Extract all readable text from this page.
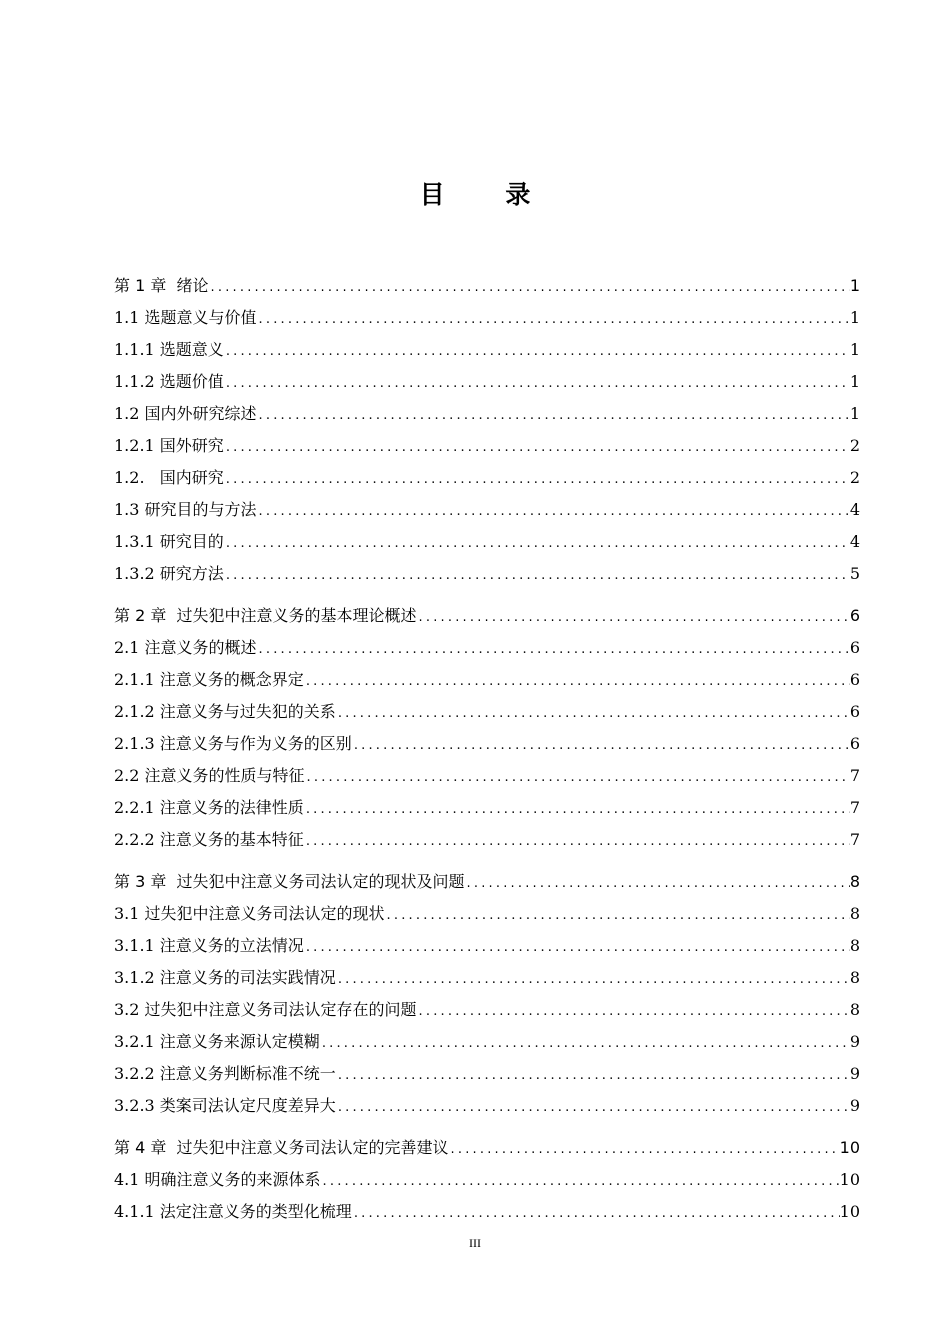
目 录
第 1 章  绪论 .....	1
1.1 选题意义与价值 .....	1
1.1.1 选题意义 .....	1
1.1.2 选题价值 .....	1
1.2 国内外研究综述 .....	1
1.2.1 国外研究 .....	2
1.2.   国内研究 .....	2
1.3 研究目的与方法 .....	4
1.3.1 研究目的 .....	4
1.3.2 研究方法 .....	5
第 2 章  过失犯中注意义务的基本理论概述 .....	6
2.1 注意义务的概述 .....	6
2.1.1 注意义务的概念界定 .....	6
2.1.2 注意义务与过失犯的关系 .....	6
2.1.3 注意义务与作为义务的区别 .....	6
2.2 注意义务的性质与特征 .....	7
2.2.1 注意义务的法律性质 .....	7
2.2.2 注意义务的基本特征 .....	7
第 3 章  过失犯中注意义务司法认定的现状及问题 .....	8
3.1 过失犯中注意义务司法认定的现状 .....	8
3.1.1 注意义务的立法情况 .....	8
3.1.2 注意义务的司法实践情况 .....	8
3.2 过失犯中注意义务司法认定存在的问题 .....	8
3.2.1 注意义务来源认定模糊 .....	9
3.2.2 注意义务判断标准不统一 .....	9
3.2.3 类案司法认定尺度差异大 .....	9
第 4 章  过失犯中注意义务司法认定的完善建议 .....	10
4.1 明确注意义务的来源体系 .....	10
4.1.1 法定注意义务的类型化梳理 .....	10
III
